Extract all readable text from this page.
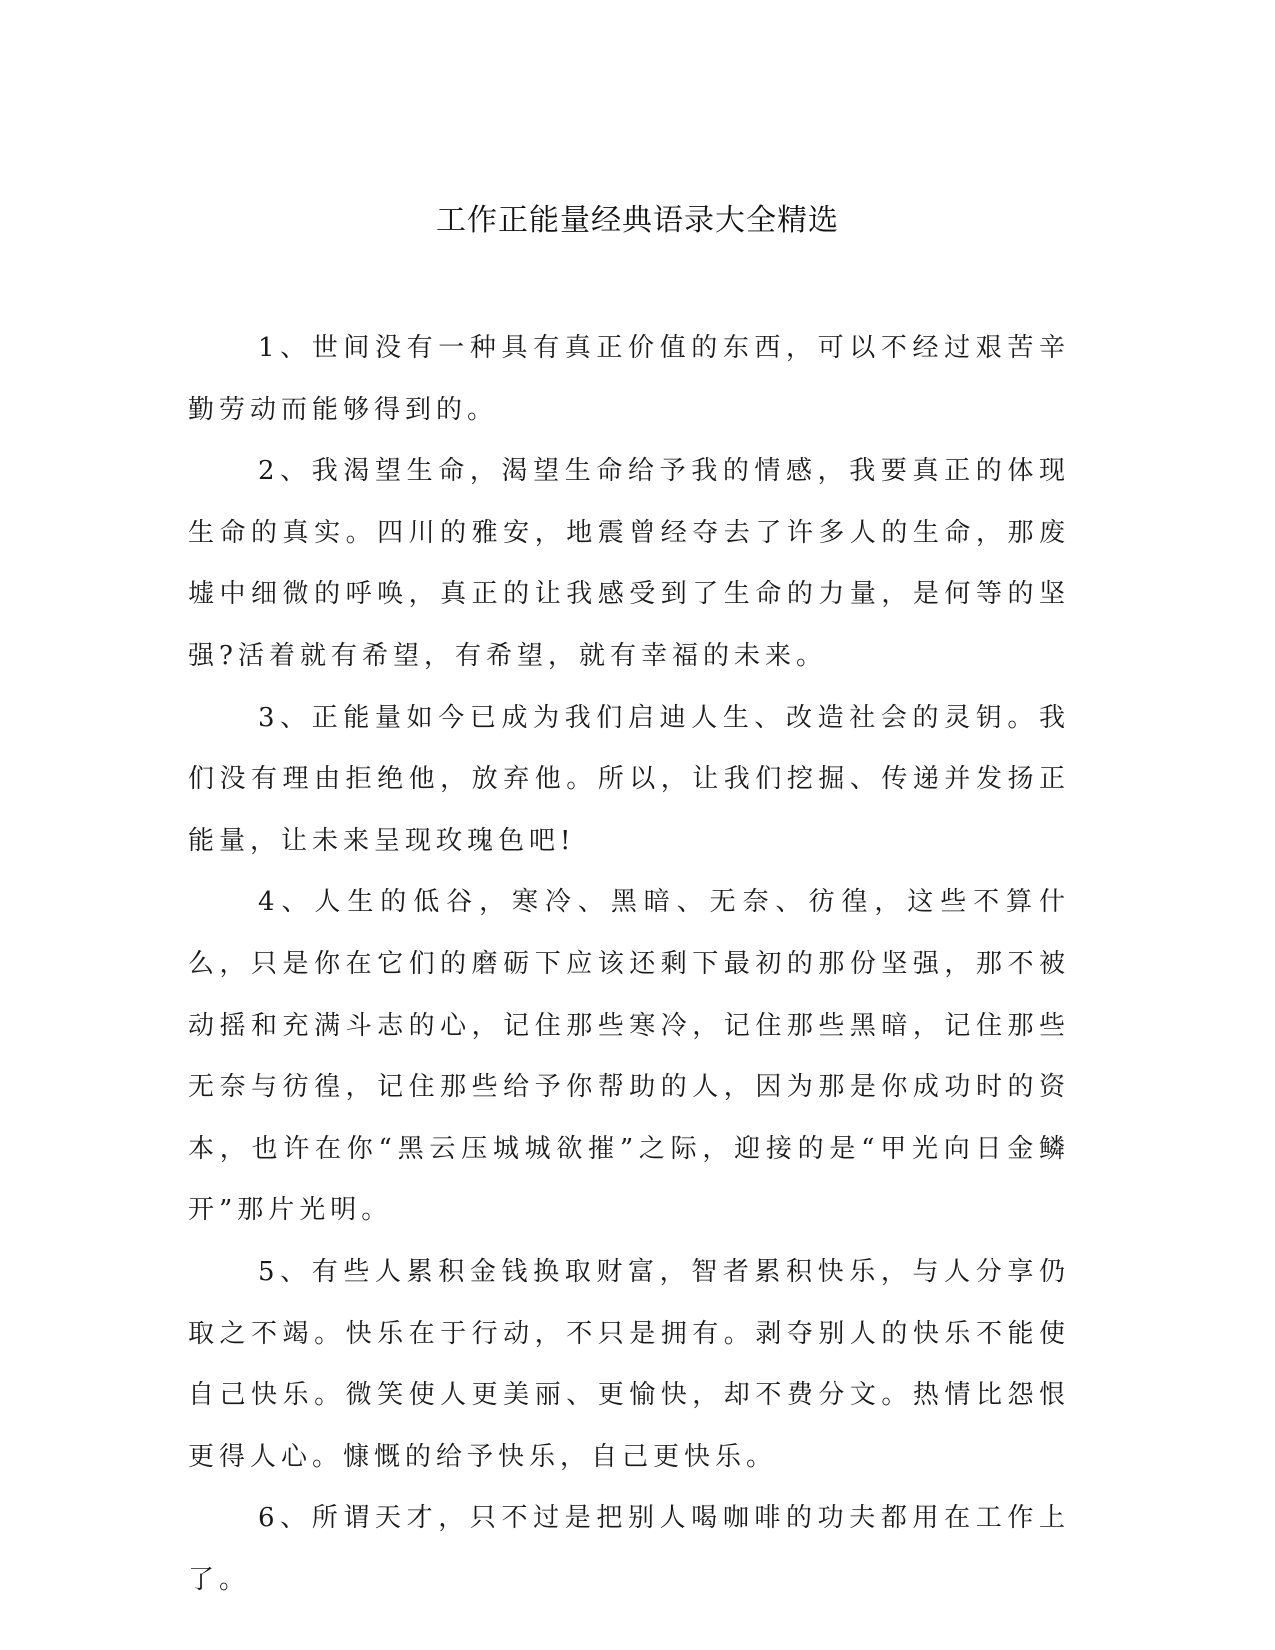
工作正能量经典语录大全精选

1、世间没有一种具有真正价值的东西，可以不经过艰苦辛勤劳动而能够得到的。

2、我渴望生命，渴望生命给予我的情感，我要真正的体现生命的真实。四川的雅安，地震曾经夺去了许多人的生命，那废墟中细微的呼唤，真正的让我感受到了生命的力量，是何等的坚强?活着就有希望，有希望，就有幸福的未来。

3、正能量如今已成为我们启迪人生、改造社会的灵钥。我们没有理由拒绝他，放弃他。所以，让我们挖掘、传递并发扬正能量，让未来呈现玫瑰色吧!

4、人生的低谷，寒冷、黑暗、无奈、彷徨，这些不算什么，只是你在它们的磨砺下应该还剩下最初的那份坚强，那不被动摇和充满斗志的心，记住那些寒冷，记住那些黑暗，记住那些无奈与彷徨，记住那些给予你帮助的人，因为那是你成功时的资本，也许在你“黑云压城城欲摧”之际，迎接的是“甲光向日金鳞开”那片光明。

5、有些人累积金钱换取财富，智者累积快乐，与人分享仍取之不竭。快乐在于行动，不只是拥有。剥夺别人的快乐不能使自己快乐。微笑使人更美丽、更愉快，却不费分文。热情比怨恨更得人心。慷慨的给予快乐，自己更快乐。

6、所谓天才，只不过是把别人喝咖啡的功夫都用在工作上了。
